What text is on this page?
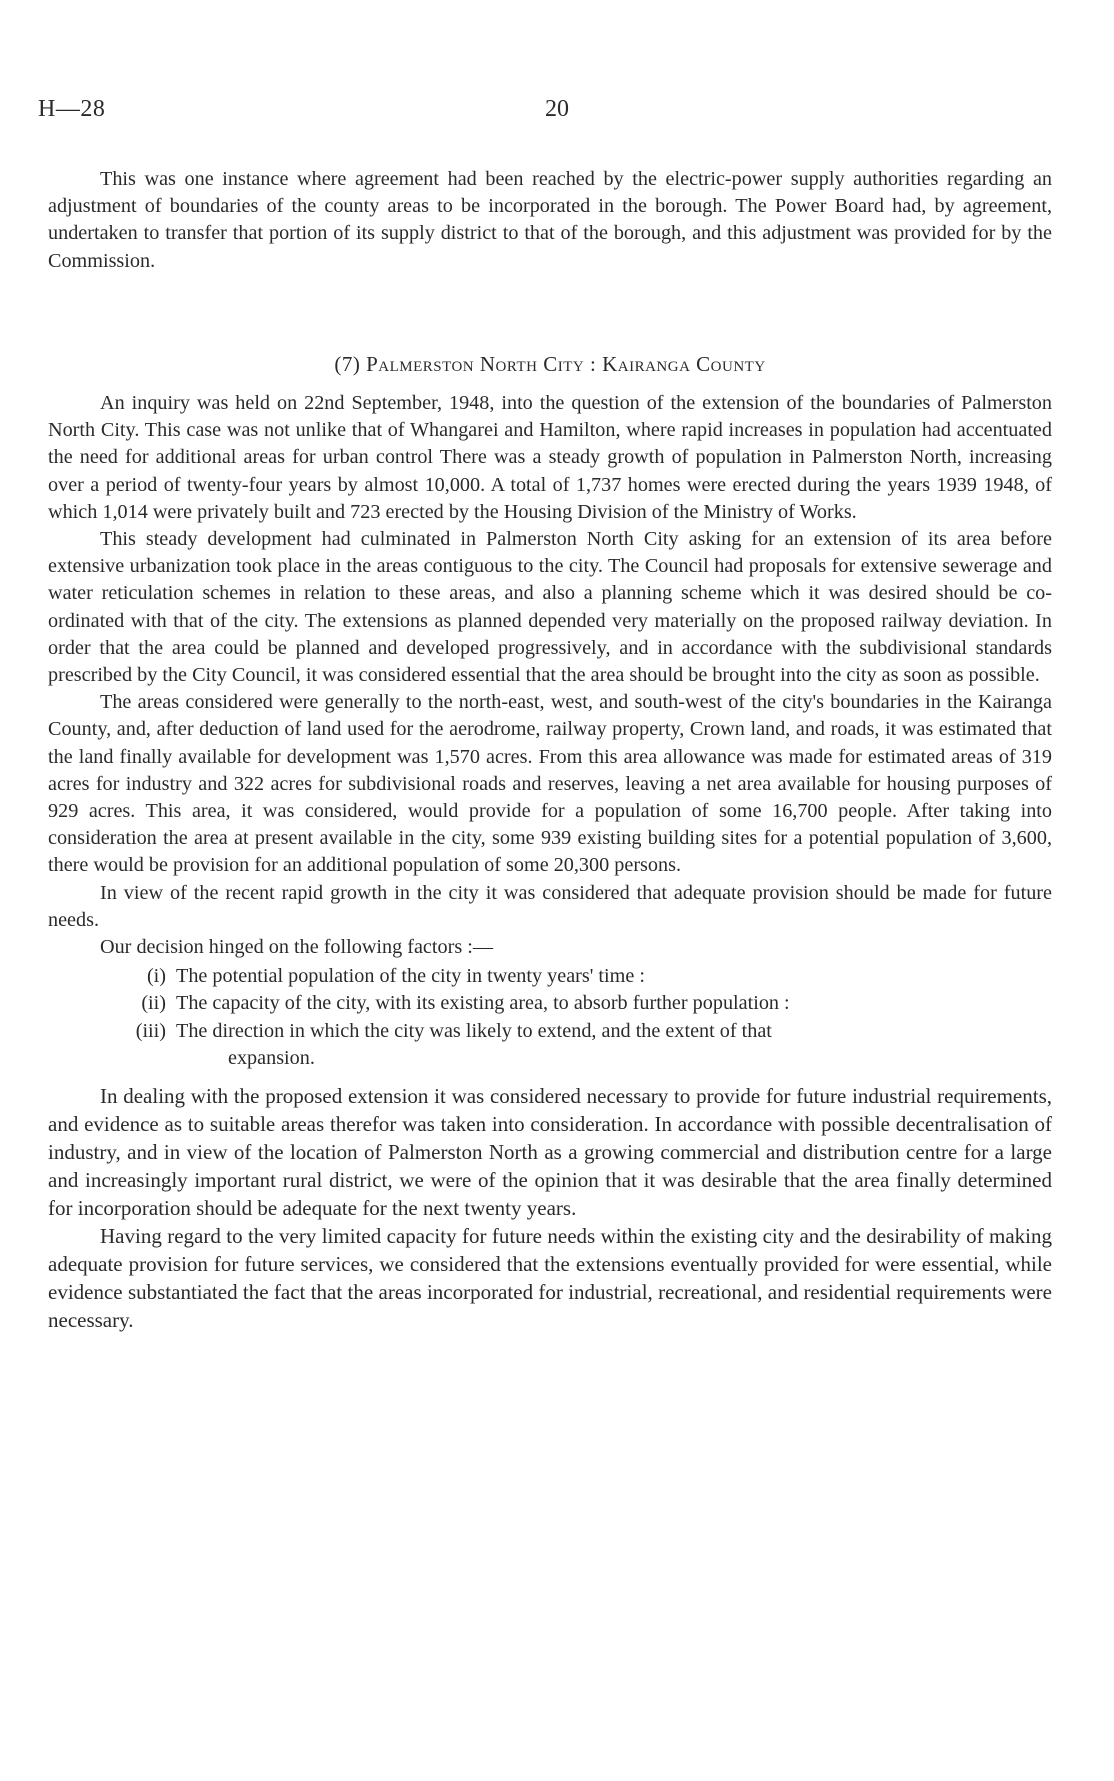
H—28	20

This was one instance where agreement had been reached by the electric-power supply authorities regarding an adjustment of boundaries of the county areas to be incorporated in the borough. The Power Board had, by agreement, undertaken to transfer that portion of its supply district to that of the borough, and this adjustment was provided for by the Commission.

(7) Palmerston North City : Kairanga County

An inquiry was held on 22nd September, 1948, into the question of the extension of the boundaries of Palmerston North City. This case was not unlike that of Whangarei and Hamilton, where rapid increases in population had accentuated the need for additional areas for urban control There was a steady growth of population in Palmerston North, increasing over a period of twenty-four years by almost 10,000. A total of 1,737 homes were erected during the years 1939 1948, of which 1,014 were privately built and 723 erected by the Housing Division of the Ministry of Works.

This steady development had culminated in Palmerston North City asking for an extension of its area before extensive urbanization took place in the areas contiguous to the city. The Council had proposals for extensive sewerage and water reticulation schemes in relation to these areas, and also a planning scheme which it was desired should be co-ordinated with that of the city. The extensions as planned depended very materially on the proposed railway deviation. In order that the area could be planned and developed progressively, and in accordance with the subdivisional standards prescribed by the City Council, it was considered essential that the area should be brought into the city as soon as possible.

The areas considered were generally to the north-east, west, and south-west of the city's boundaries in the Kairanga County, and, after deduction of land used for the aerodrome, railway property, Crown land, and roads, it was estimated that the land finally available for development was 1,570 acres. From this area allowance was made for estimated areas of 319 acres for industry and 322 acres for subdivisional roads and reserves, leaving a net area available for housing purposes of 929 acres. This area, it was considered, would provide for a population of some 16,700 people. After taking into consideration the area at present available in the city, some 939 existing building sites for a potential population of 3,600, there would be provision for an additional population of some 20,300 persons.

In view of the recent rapid growth in the city it was considered that adequate provision should be made for future needs.

Our decision hinged on the following factors :—

(i) The potential population of the city in twenty years' time :
(ii) The capacity of the city, with its existing area, to absorb further population :
(iii) The direction in which the city was likely to extend, and the extent of that
expansion.

In dealing with the proposed extension it was considered necessary to provide for future industrial requirements, and evidence as to suitable areas therefor was taken into consideration. In accordance with possible decentralisation of industry, and in view of the location of Palmerston North as a growing commercial and distribution centre for a large and increasingly important rural district, we were of the opinion that it was desirable that the area finally determined for incorporation should be adequate for the next twenty years.

Having regard to the very limited capacity for future needs within the existing city and the desirability of making adequate provision for future services, we considered that the extensions eventually provided for were essential, while evidence substantiated the fact that the areas incorporated for industrial, recreational, and residential requirements were necessary.
